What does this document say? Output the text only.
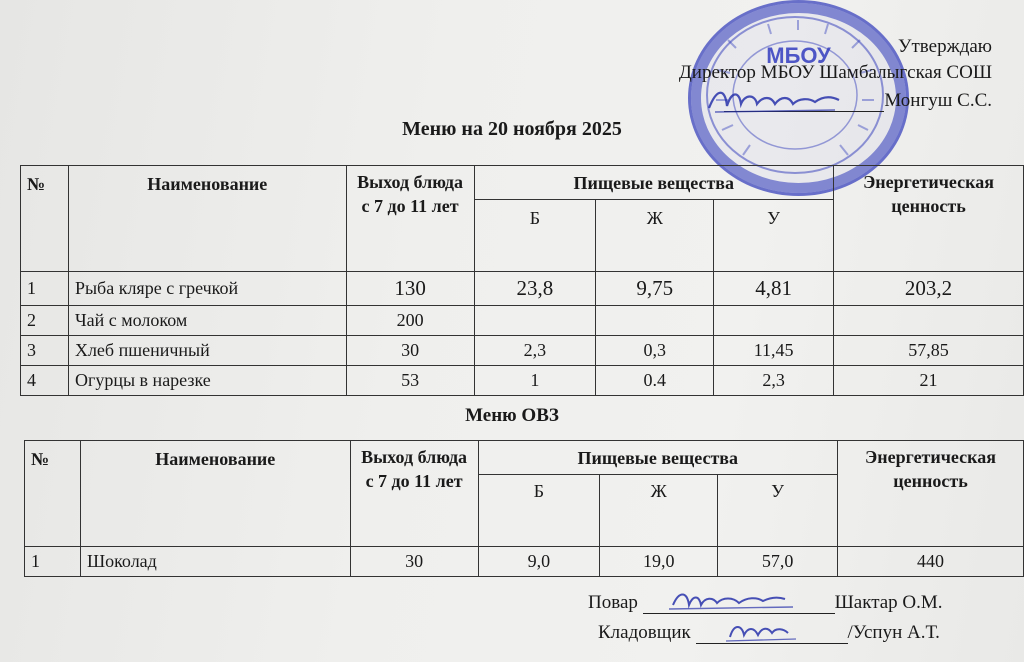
МБОУ	Утверждаю
Директор МБОУ Шамбалыгская СОШ
Монгуш С.С.
Меню на 20 ноября 2025
№	Наименование	Выход блюда с 7 до 11 лет	Пищевые вещества			Энергетическая ценность
			Б	Ж	У	
1	Рыба кляре с гречкой	130	23,8	9,75	4,81	203,2
2	Чай с молоком	200				
3	Хлеб пшеничный	30	2,3	0,3	11,45	57,85
4	Огурцы в нарезке	53	1	0.4	2,3	21
Меню ОВЗ
№	Наименование	Выход блюда с 7 до 11 лет	Пищевые вещества			Энергетическая ценность
			Б	Ж	У	
1	Шоколад	30	9,0	19,0	57,0	440
Повар	Шактар О.М.
Кладовщик	/Успун А.Т.
